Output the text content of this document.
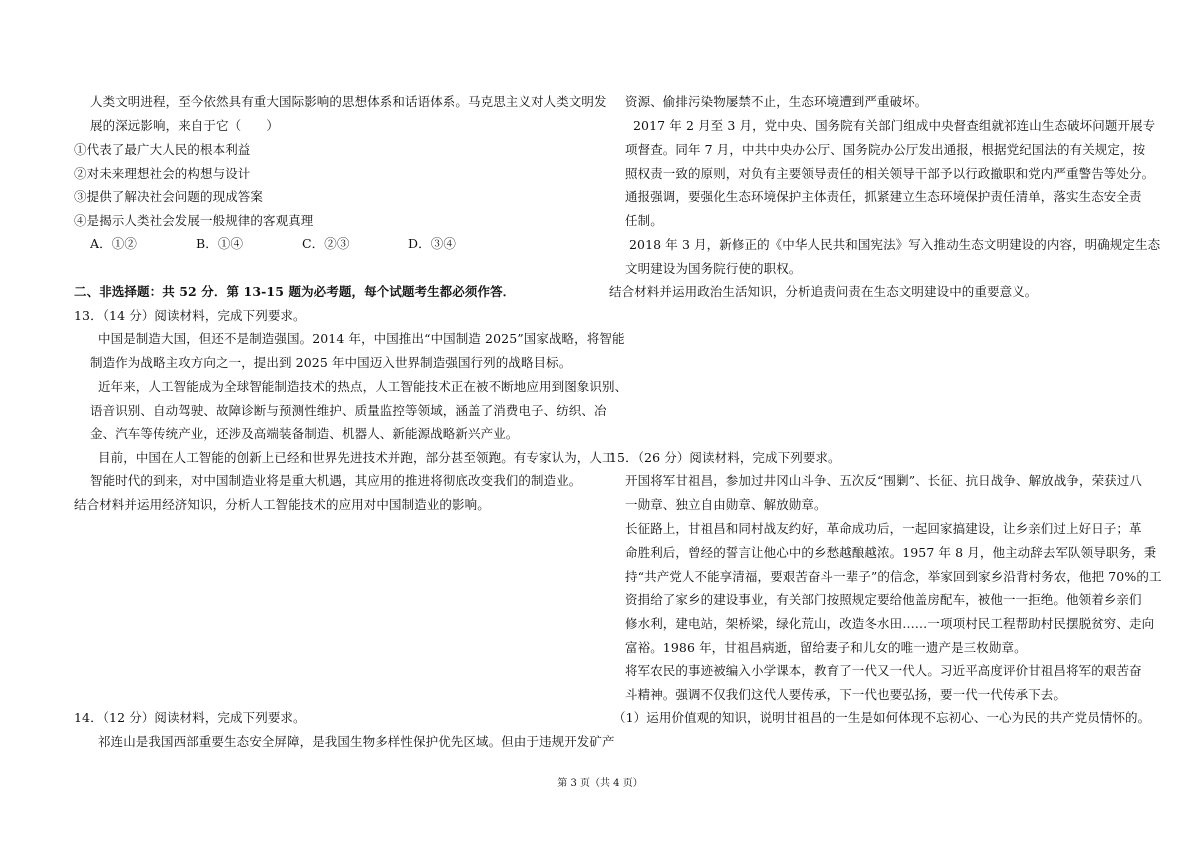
人类文明进程，至今依然具有重大国际影响的思想体系和话语体系。马克思主义对人类文明发
展的深远影响，来自于它（　　）
①代表了最广大人民的根本利益
②对未来理想社会的构想与设计
③提供了解决社会问题的现成答案
④是揭示人类社会发展一般规律的客观真理
A．①②	B．①④	C．②③	D．③④
二、非选择题：共 52 分．第 13-15 题为必考题，每个试题考生都必须作答．
13．（14 分）阅读材料，完成下列要求。
中国是制造大国，但还不是制造强国。2014 年，中国推出“中国制造 2025”国家战略，将智能
制造作为战略主攻方向之一，提出到 2025 年中国迈入世界制造强国行列的战略目标。
近年来，人工智能成为全球智能制造技术的热点，人工智能技术正在被不断地应用到图象识别、
语音识别、自动驾驶、故障诊断与预测性维护、质量监控等领域，涵盖了消费电子、纺织、冶
金、汽车等传统产业，还涉及高端装备制造、机器人、新能源战略新兴产业。
目前，中国在人工智能的创新上已经和世界先进技术并跑，部分甚至领跑。有专家认为，人工
智能时代的到来，对中国制造业将是重大机遇，其应用的推进将彻底改变我们的制造业。
结合材料并运用经济知识，分析人工智能技术的应用对中国制造业的影响。
14．（12 分）阅读材料，完成下列要求。
祁连山是我国西部重要生态安全屏障，是我国生物多样性保护优先区域。但由于违规开发矿产
资源、偷排污染物屡禁不止，生态环境遭到严重破坏。
2017 年 2 月至 3 月，党中央、国务院有关部门组成中央督查组就祁连山生态破坏问题开展专
项督查。同年 7 月，中共中央办公厅、国务院办公厅发出通报，根据党纪国法的有关规定，按
照权责一致的原则，对负有主要领导责任的相关领导干部予以行政撤职和党内严重警告等处分。
通报强调，要强化生态环境保护主体责任，抓紧建立生态环境保护责任清单，落实生态安全责
任制。
2018 年 3 月，新修正的《中华人民共和国宪法》写入推动生态文明建设的内容，明确规定生态
文明建设为国务院行使的职权。
结合材料并运用政治生活知识，分析追责问责在生态文明建设中的重要意义。
15．（26 分）阅读材料，完成下列要求。
开国将军甘祖昌，参加过井冈山斗争、五次反“围剿”、长征、抗日战争、解放战争，荣获过八
一勋章、独立自由勋章、解放勋章。
长征路上，甘祖昌和同村战友约好，革命成功后，一起回家搞建设，让乡亲们过上好日子；革
命胜利后，曾经的誓言让他心中的乡愁越酿越浓。1957 年 8 月，他主动辞去军队领导职务，秉
持“共产党人不能享清福，要艰苦奋斗一辈子”的信念，举家回到家乡沿背村务农，他把 70%的工
资捐给了家乡的建设事业，有关部门按照规定要给他盖房配车，被他一一拒绝。他领着乡亲们
修水利，建电站，架桥梁，绿化荒山，改造冬水田……一项项村民工程帮助村民摆脱贫穷、走向
富裕。1986 年，甘祖昌病逝，留给妻子和儿女的唯一遗产是三枚勋章。
将军农民的事迹被编入小学课本，教育了一代又一代人。习近平高度评价甘祖昌将军的艰苦奋
斗精神。强调不仅我们这代人要传承，下一代也要弘扬，要一代一代传承下去。
（1）运用价值观的知识，说明甘祖昌的一生是如何体现不忘初心、一心为民的共产党员情怀的。
第 3 页（共 4 页）
